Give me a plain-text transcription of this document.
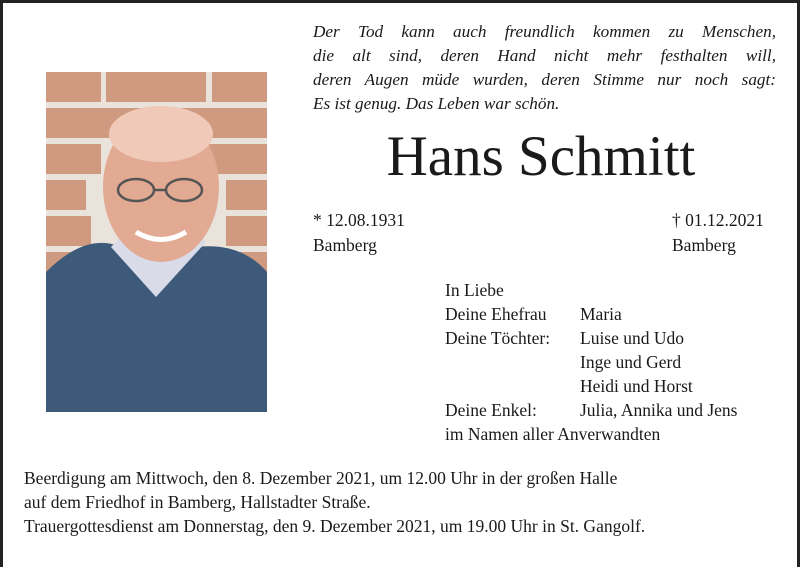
Der Tod kann auch freundlich kommen zu Menschen,
die alt sind, deren Hand nicht mehr festhalten will,
deren Augen müde wurden, deren Stimme nur noch sagt:
Es ist genug. Das Leben war schön.
Hans Schmitt
* 12.08.1931
Bamberg
† 01.12.2021
Bamberg
In Liebe
Deine Ehefrau Maria
Deine Töchter: Luise und Udo
Inge und Gerd
Heidi und Horst
Deine Enkel: Julia, Annika und Jens
im Namen aller Anverwandten
Beerdigung am Mittwoch, den 8. Dezember 2021, um 12.00 Uhr in der großen Halle
auf dem Friedhof in Bamberg, Hallstadter Straße.
Trauergottesdienst am Donnerstag, den 9. Dezember 2021, um 19.00 Uhr in St. Gangolf.
